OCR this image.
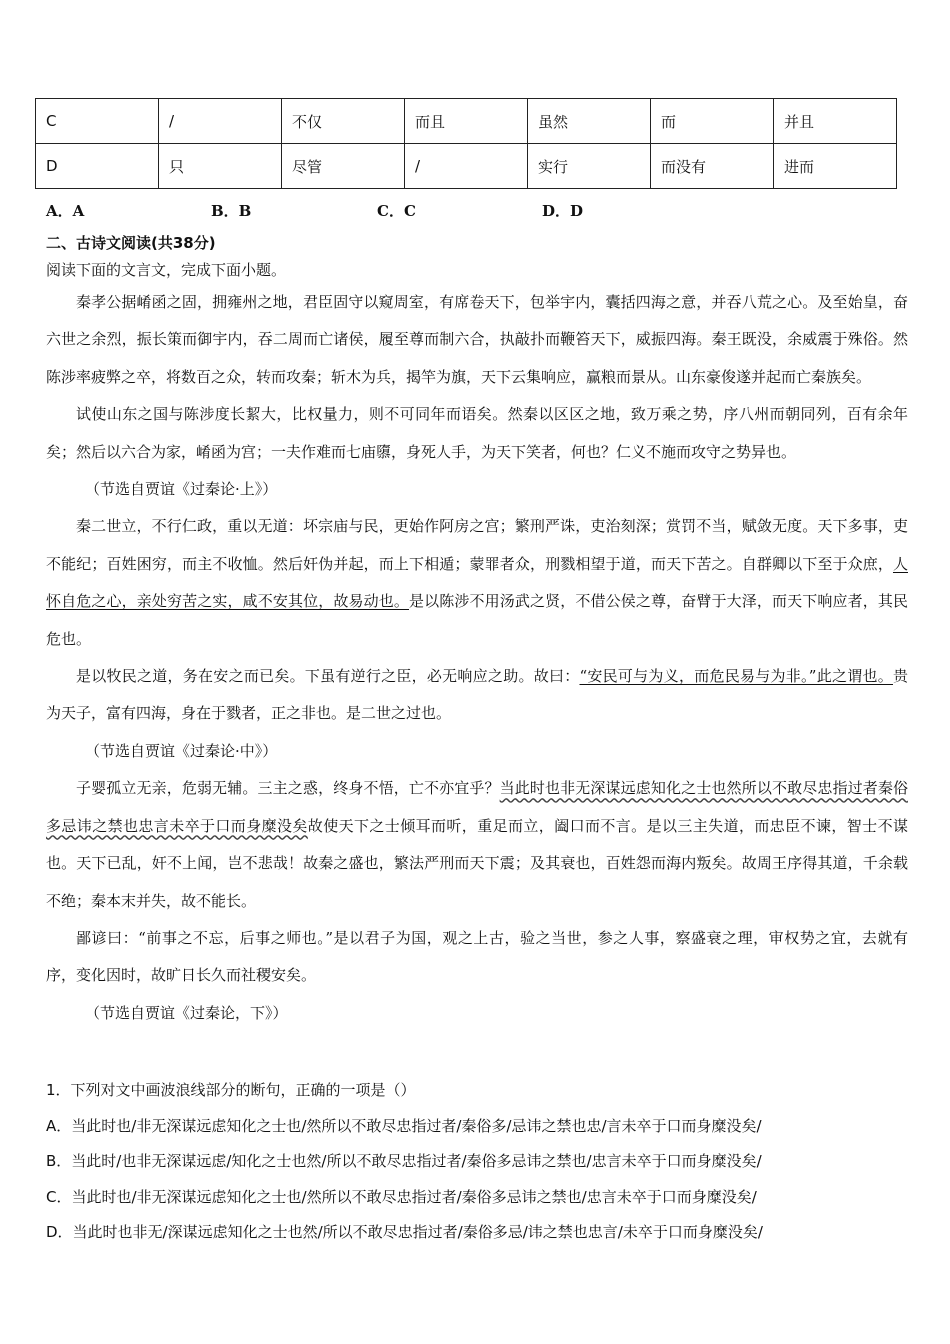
C	/	不仅	而且	虽然	而	并且
D	只	尽管	/	实行	而没有	进而
A．A	B．B	C．C	D．D
二、古诗文阅读(共38分)
阅读下面的文言文，完成下面小题。

秦孝公据崤函之固，拥雍州之地，君臣固守以窥周室，有席卷天下，包举宇内，囊括四海之意，并吞八荒之心。及至始皇，奋六世之余烈，振长策而御宇内，吞二周而亡诸侯，履至尊而制六合，执敲扑而鞭笞天下，威振四海。秦王既没，余威震于殊俗。然陈涉率疲弊之卒，将数百之众，转而攻秦；斩木为兵，揭竿为旗，天下云集响应，赢粮而景从。山东豪俊遂并起而亡秦族矣。

试使山东之国与陈涉度长絜大，比权量力，则不可同年而语矣。然秦以区区之地，致万乘之势，序八州而朝同列，百有余年矣；然后以六合为家，崤函为宫；一夫作难而七庙隳，身死人手，为天下笑者，何也？仁义不施而攻守之势异也。

（节选自贾谊《过秦论·上》）

秦二世立，不行仁政，重以无道：坏宗庙与民，更始作阿房之宫；繁刑严诛，吏治刻深；赏罚不当，赋敛无度。天下多事，吏不能纪；百姓困穷，而主不收恤。然后奸伪并起，而上下相遁；蒙罪者众，刑戮相望于道，而天下苦之。自群卿以下至于众庶，人怀自危之心，亲处穷苦之实，咸不安其位，故易动也。是以陈涉不用汤武之贤，不借公侯之尊，奋臂于大泽，而天下响应者，其民危也。

是以牧民之道，务在安之而已矣。下虽有逆行之臣，必无响应之助。故曰：“安民可与为义，而危民易与为非。”此之谓也。贵为天子，富有四海，身在于戮者，正之非也。是二世之过也。

（节选自贾谊《过秦论·中》）

子婴孤立无亲，危弱无辅。三主之惑，终身不悟，亡不亦宜乎？当此时也非无深谋远虑知化之士也然所以不敢尽忠指过者秦俗多忌讳之禁也忠言未卒于口而身糜没矣故使天下之士倾耳而听，重足而立，阖口而不言。是以三主失道，而忠臣不谏，智士不谋也。天下已乱，奸不上闻，岂不悲哉！故秦之盛也，繁法严刑而天下震；及其衰也，百姓怨而海内叛矣。故周王序得其道，千余载不绝；秦本末并失，故不能长。

鄙谚曰：“前事之不忘，后事之师也。”是以君子为国，观之上古，验之当世，参之人事，察盛衰之理，审权势之宜，去就有序，变化因时，故旷日长久而社稷安矣。

（节选自贾谊《过秦论，下》）

1．下列对文中画波浪线部分的断句，正确的一项是（）
A．当此时也/非无深谋远虑知化之士也/然所以不敢尽忠指过者/秦俗多/忌讳之禁也忠/言未卒于口而身糜没矣/
B．当此时/也非无深谋远虑/知化之士也然/所以不敢尽忠指过者/秦俗多忌讳之禁也/忠言未卒于口而身糜没矣/
C．当此时也/非无深谋远虑知化之士也/然所以不敢尽忠指过者/秦俗多忌讳之禁也/忠言未卒于口而身糜没矣/
D．当此时也非无/深谋远虑知化之士也然/所以不敢尽忠指过者/秦俗多忌/讳之禁也忠言/未卒于口而身糜没矣/
